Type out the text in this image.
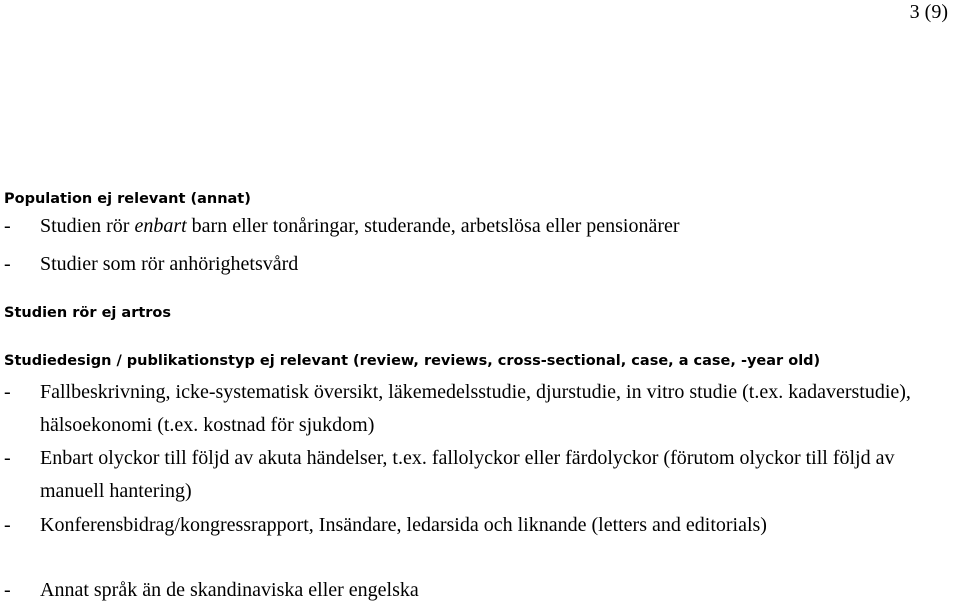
3 (9)
Population ej relevant (annat)
- Studien rör enbart barn eller tonåringar, studerande, arbetslösa eller pensionärer
- Studier som rör anhörighetsvård
Studien rör ej artros
Studiedesign / publikationstyp ej relevant (review, reviews, cross-sectional, case, a case, -year old)
- Fallbeskrivning, icke-systematisk översikt, läkemedelsstudie, djurstudie, in vitro studie (t.ex. kadaverstudie), hälsoekonomi (t.ex. kostnad för sjukdom)
- Enbart olyckor till följd av akuta händelser, t.ex. fallolyckor eller färdolyckor (förutom olyckor till följd av manuell hantering)
- Konferensbidrag/kongressrapport, Insändare, ledarsida och liknande (letters and editorials)
- Annat språk än de skandinaviska eller engelska
